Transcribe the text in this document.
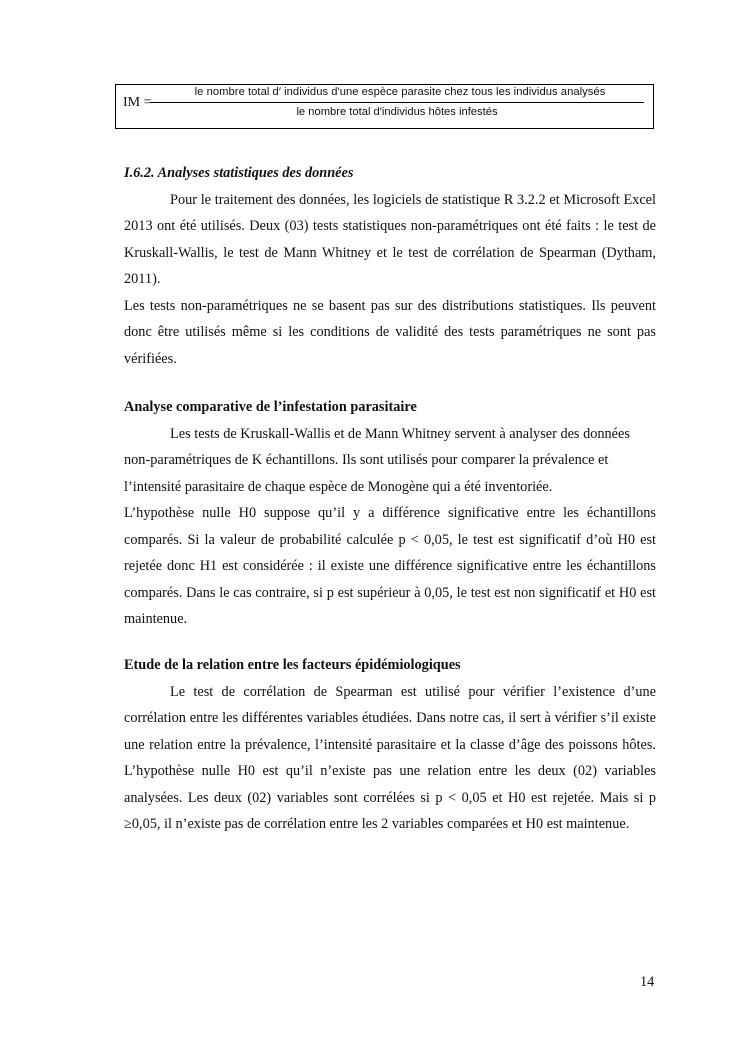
IM =
le nombre total d′ individus d′une espèce parasite chez tous les individus analysés
le nombre total d′individus hôtes infestés

I.6.2. Analyses statistiques des données

Pour le traitement des données, les logiciels de statistique R 3.2.2 et Microsoft Excel 2013 ont été utilisés. Deux (03) tests statistiques non-paramétriques ont été faits : le test de Kruskall-Wallis, le test de Mann Whitney et le test de corrélation de Spearman (Dytham, 2011).

Les tests non-paramétriques ne se basent pas sur des distributions statistiques. Ils peuvent donc être utilisés même si les conditions de validité des tests paramétriques ne sont pas vérifiées.

Analyse comparative de l’infestation parasitaire

Les tests de Kruskall-Wallis et de Mann Whitney servent à analyser des données
non-paramétriques de K échantillons. Ils sont utilisés pour comparer la prévalence et
l’intensité parasitaire de chaque espèce de Monogène qui a été inventoriée.

L’hypothèse nulle H0 suppose qu’il y a différence significative entre les échantillons comparés. Si la valeur de probabilité calculée p < 0,05, le test est significatif d’où H0 est rejetée donc H1 est considérée : il existe une différence significative entre les échantillons comparés. Dans le cas contraire, si p est supérieur à 0,05, le test est non significatif et H0 est maintenue.

Etude de la relation entre les facteurs épidémiologiques

Le test de corrélation de Spearman est utilisé pour vérifier l’existence d’une corrélation entre les différentes variables étudiées. Dans notre cas, il sert à vérifier s’il existe une relation entre la prévalence, l’intensité parasitaire et la classe d’âge des poissons hôtes. L’hypothèse nulle H0 est qu’il n’existe pas une relation entre les deux (02) variables analysées. Les deux (02) variables sont corrélées si p < 0,05 et H0 est rejetée. Mais si p ≥0,05, il n’existe pas de corrélation entre les 2 variables comparées et H0 est maintenue.

14
